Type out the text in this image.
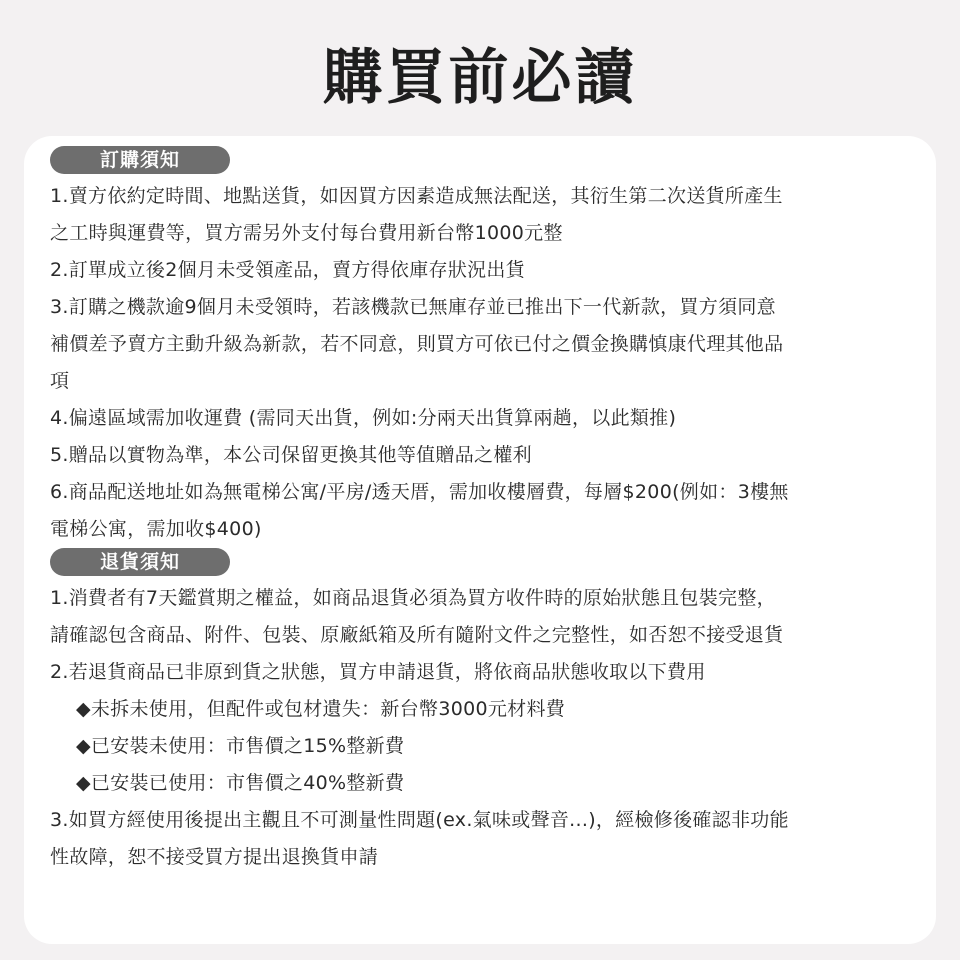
購買前必讀
訂購須知
1.賣方依約定時間、地點送貨，如因買方因素造成無法配送，其衍生第二次送貨所產生
之工時與運費等，買方需另外支付每台費用新台幣1000元整
2.訂單成立後2個月未受領產品，賣方得依庫存狀況出貨
3.訂購之機款逾9個月未受領時，若該機款已無庫存並已推出下一代新款，買方須同意
補價差予賣方主動升級為新款，若不同意，則買方可依已付之價金換購慎康代理其他品
項
4.偏遠區域需加收運費 (需同天出貨，例如:分兩天出貨算兩趟，以此類推)
5.贈品以實物為準，本公司保留更換其他等值贈品之權利
6.商品配送地址如為無電梯公寓/平房/透天厝，需加收樓層費，每層$200(例如：3樓無
電梯公寓，需加收$400)
退貨須知
1.消費者有7天鑑賞期之權益，如商品退貨必須為買方收件時的原始狀態且包裝完整，
請確認包含商品、附件、包裝、原廠紙箱及所有隨附文件之完整性，如否恕不接受退貨
2.若退貨商品已非原到貨之狀態，買方申請退貨，將依商品狀態收取以下費用
◆未拆未使用，但配件或包材遺失：新台幣3000元材料費
◆已安裝未使用：市售價之15%整新費
◆已安裝已使用：市售價之40%整新費
3.如買方經使用後提出主觀且不可測量性問題(ex.氣味或聲音...)，經檢修後確認非功能
性故障，恕不接受買方提出退換貨申請
